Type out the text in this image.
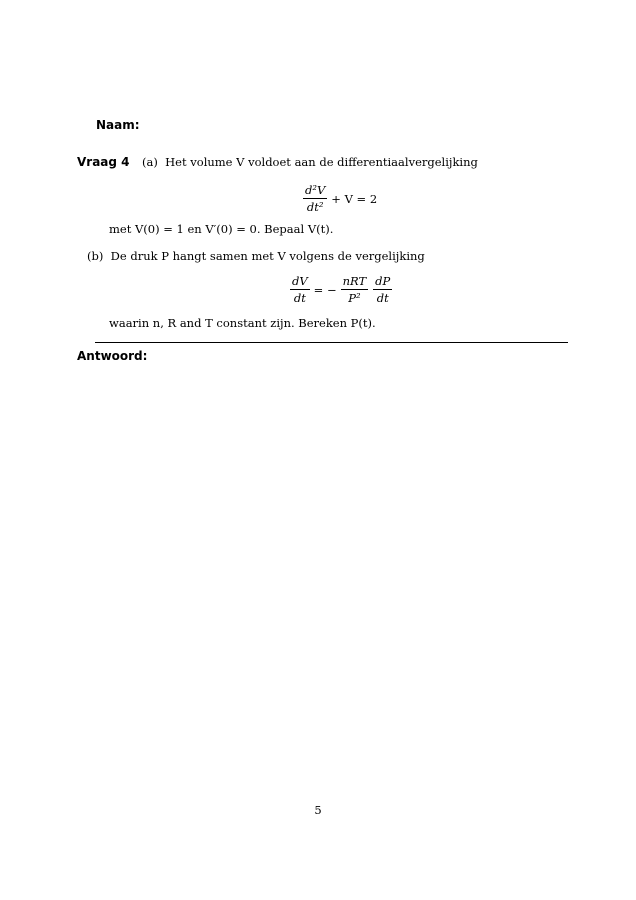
Naam:
Vraag 4 (a) Het volume V voldoet aan de differentiaalvergelijking
$\frac{\text{d²V}}{\text{dt²}} + V = 2$
met V(0) = 1 en V′(0) = 0. Bepaal V(t).
(b) De druk P hangt samen met V volgens de vergelijking
$\frac{dV}{dt}$ = − $\frac{\text{nRT}}{\text{P²}} \frac{dP}{dt}$
waarin n, R and T constant zijn. Bereken P(t).
Antwoord:
5
